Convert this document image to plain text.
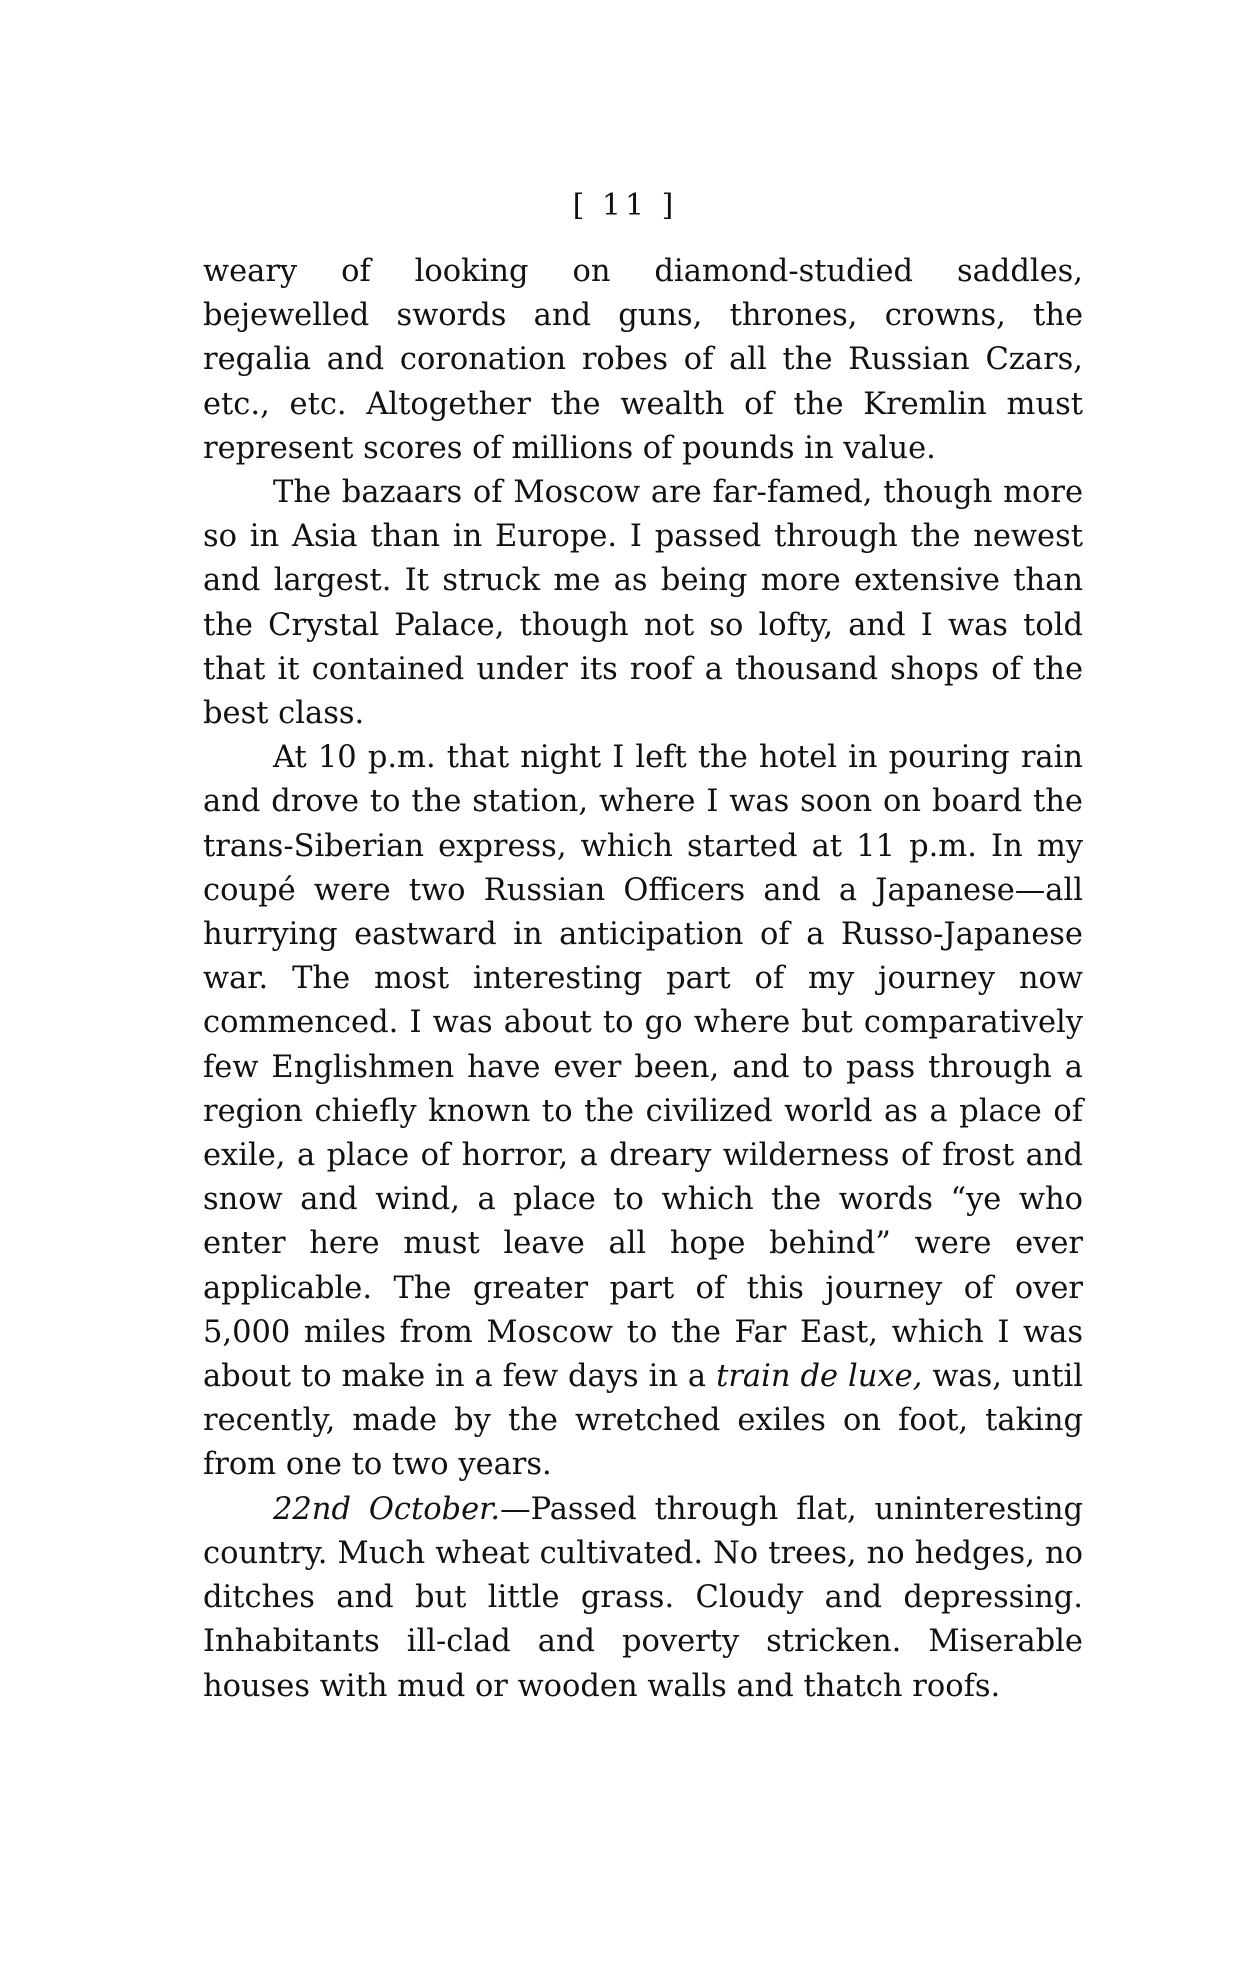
[ 11 ]

weary of looking on diamond-studied saddles, bejewelled swords and guns, thrones, crowns, the regalia and coronation robes of all the Russian Czars, etc., etc. Altogether the wealth of the Kremlin must represent scores of millions of pounds in value.

The bazaars of Moscow are far-famed, though more so in Asia than in Europe. I passed through the newest and largest. It struck me as being more extensive than the Crystal Palace, though not so lofty, and I was told that it contained under its roof a thousand shops of the best class.

At 10 p.m. that night I left the hotel in pouring rain and drove to the station, where I was soon on board the trans-Siberian express, which started at 11 p.m. In my coupé were two Russian Officers and a Japanese—all hurrying eastward in anticipation of a Russo-Japanese war. The most interesting part of my journey now commenced. I was about to go where but comparatively few Englishmen have ever been, and to pass through a region chiefly known to the civilized world as a place of exile, a place of horror, a dreary wilderness of frost and snow and wind, a place to which the words “ye who enter here must leave all hope behind” were ever applicable. The greater part of this journey of over 5,000 miles from Moscow to the Far East, which I was about to make in a few days in a train de luxe, was, until recently, made by the wretched exiles on foot, taking from one to two years.

22nd October.—Passed through flat, uninteresting country. Much wheat cultivated. No trees, no hedges, no ditches and but little grass. Cloudy and depressing. Inhabitants ill-clad and poverty stricken. Miserable houses with mud or wooden walls and thatch roofs.
